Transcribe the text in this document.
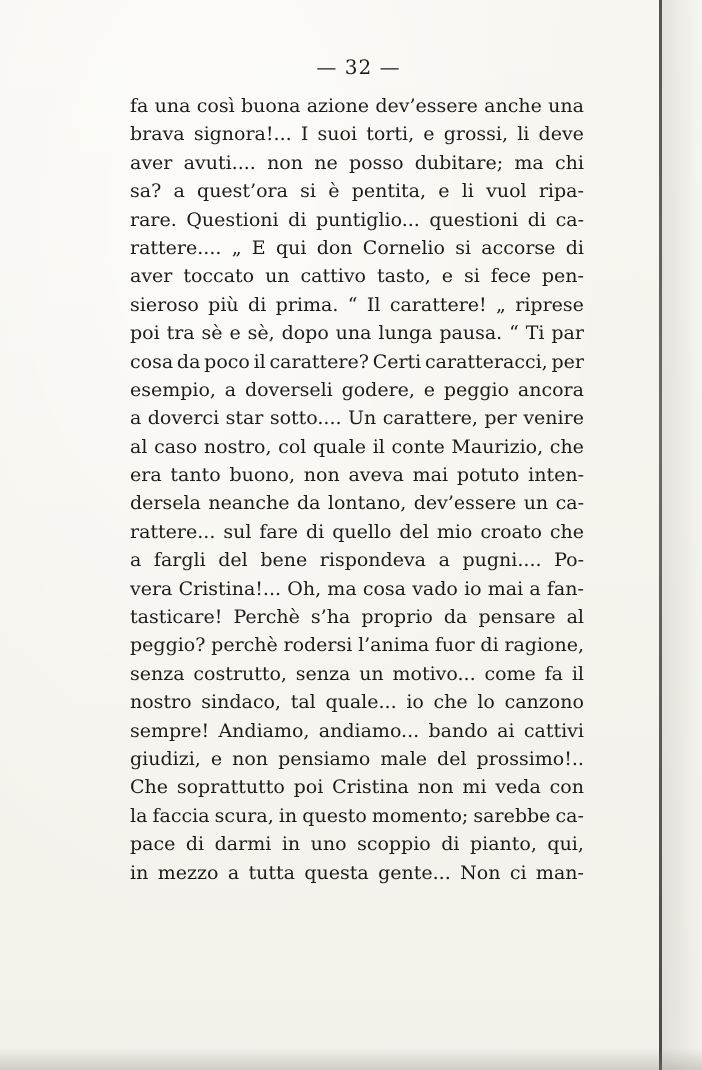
— 32 —
fa una così buona azione dev’essere anche una
brava signora!... I suoi torti, e grossi, li deve
aver avuti.... non ne posso dubitare; ma chi
sa? a quest’ora si è pentita, e li vuol ripa-
rare. Questioni di puntiglio... questioni di ca-
rattere.... „ E qui don Cornelio si accorse di
aver toccato un cattivo tasto, e si fece pen-
sieroso più di prima. “ Il carattere! „ riprese
poi tra sè e sè, dopo una lunga pausa. “ Ti par
cosa da poco il carattere? Certi caratteracci, per
esempio, a doverseli godere, e peggio ancora
a doverci star sotto.... Un carattere, per venire
al caso nostro, col quale il conte Maurizio, che
era tanto buono, non aveva mai potuto inten-
dersela neanche da lontano, dev’essere un ca-
rattere... sul fare di quello del mio croato che
a fargli del bene rispondeva a pugni.... Po-
vera Cristina!... Oh, ma cosa vado io mai a fan-
tasticare! Perchè s’ha proprio da pensare al
peggio? perchè rodersi l’anima fuor di ragione,
senza costrutto, senza un motivo... come fa il
nostro sindaco, tal quale... io che lo canzono
sempre! Andiamo, andiamo... bando ai cattivi
giudizi, e non pensiamo male del prossimo!..
Che soprattutto poi Cristina non mi veda con
la faccia scura, in questo momento; sarebbe ca-
pace di darmi in uno scoppio di pianto, qui,
in mezzo a tutta questa gente... Non ci man-
